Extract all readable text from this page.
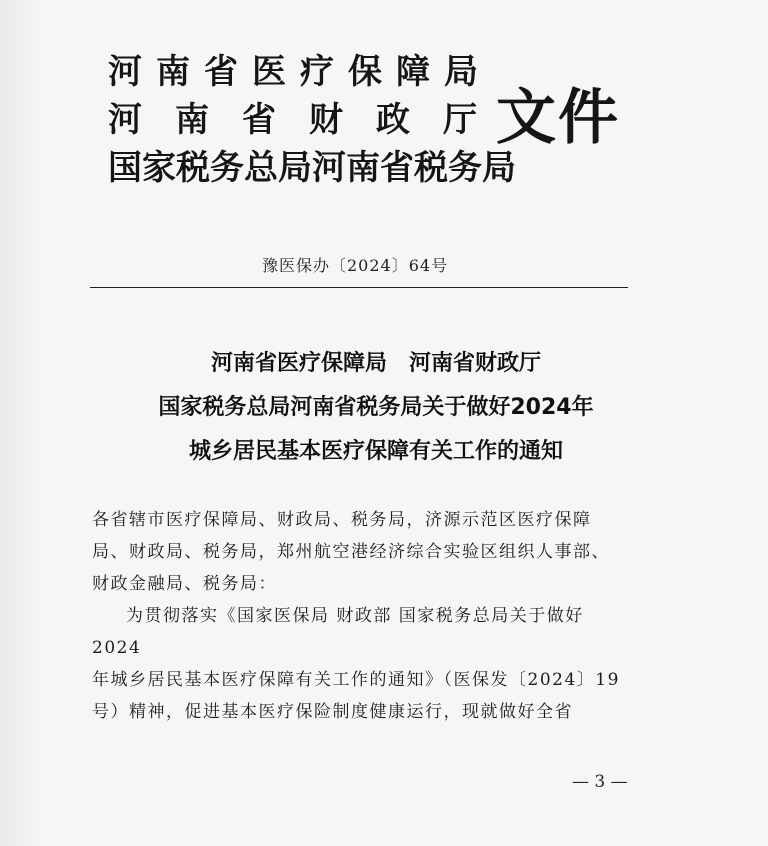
河南省医疗保障局
河南省财政厅
国家税务总局河南省税务局
文件
豫医保办〔2024〕64号
河南省医疗保障局　河南省财政厅
国家税务总局河南省税务局关于做好2024年
城乡居民基本医疗保障有关工作的通知

各省辖市医疗保障局、财政局、税务局，济源示范区医疗保障

局、财政局、税务局，郑州航空港经济综合实验区组织人事部、

财政金融局、税务局：

为贯彻落实《国家医保局 财政部 国家税务总局关于做好2024

年城乡居民基本医疗保障有关工作的通知》（医保发〔2024〕19

号）精神，促进基本医疗保险制度健康运行，现就做好全省

— 3 —
